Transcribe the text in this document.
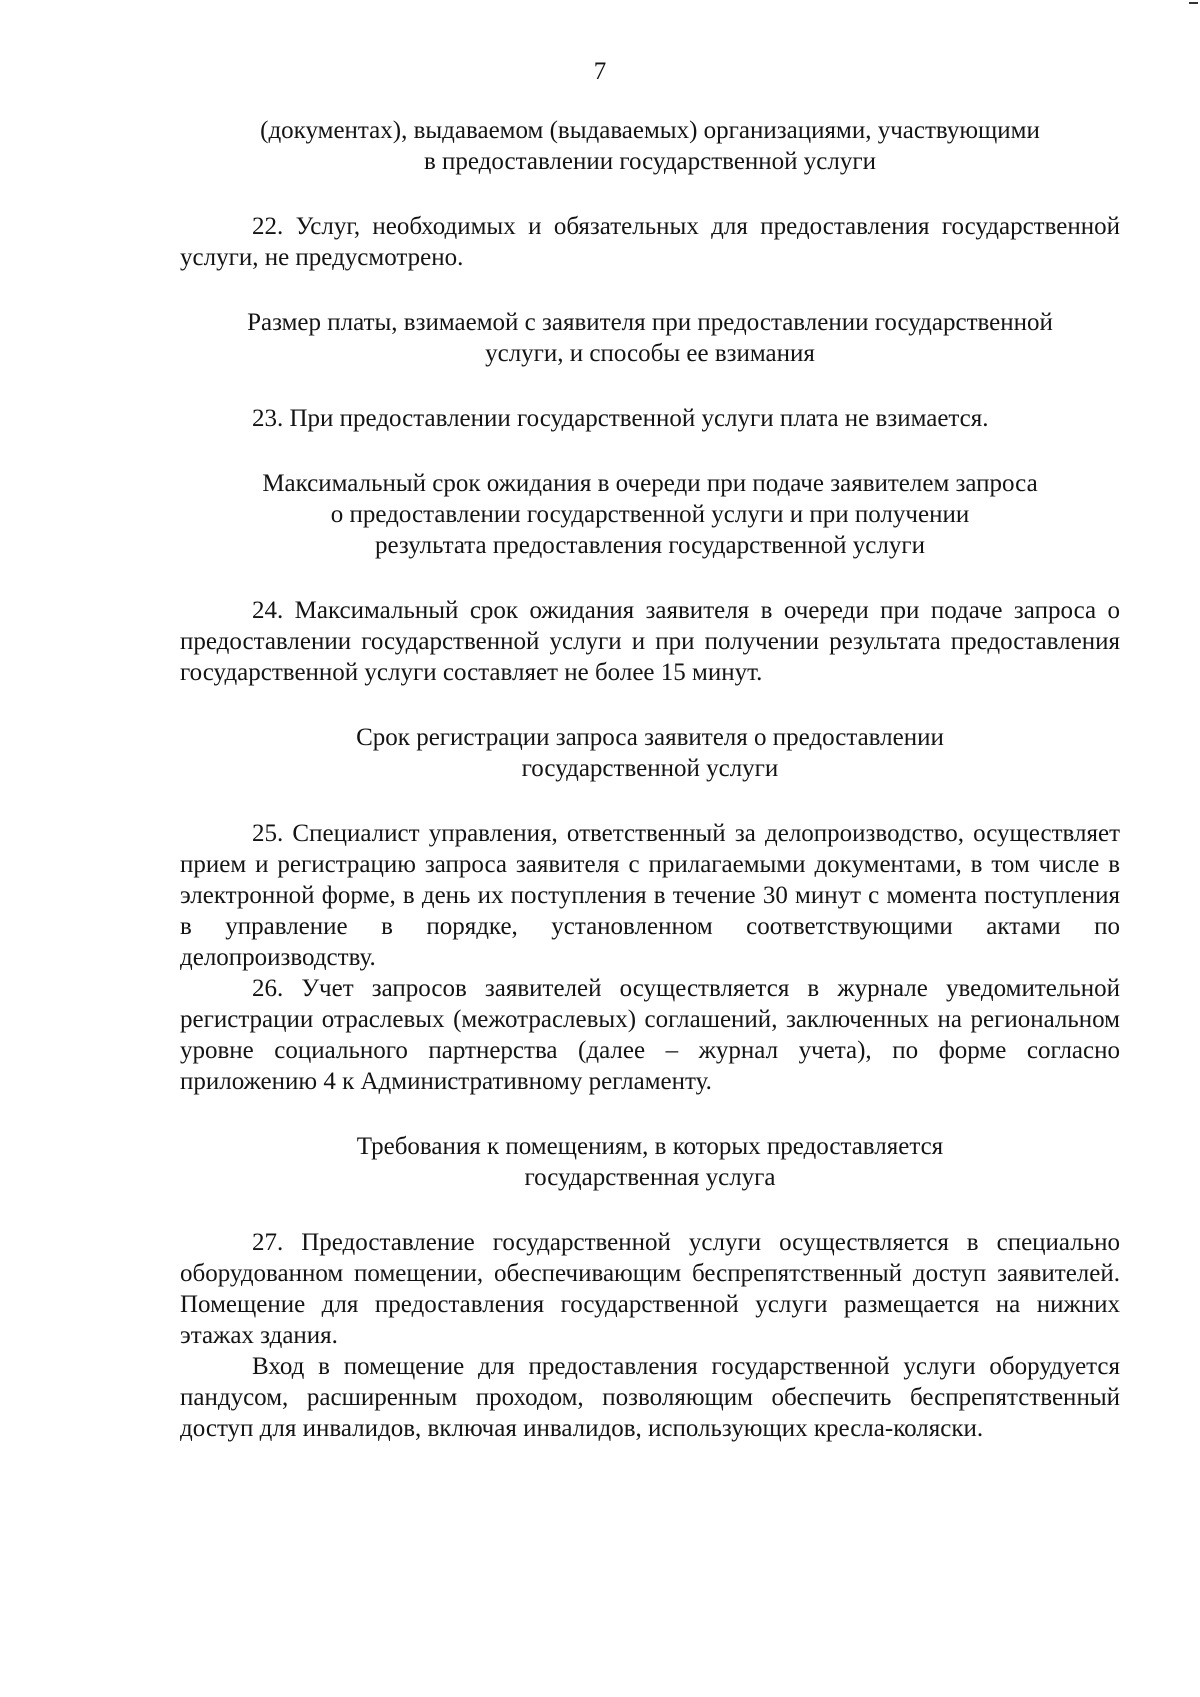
7
(документах), выдаваемом (выдаваемых) организациями, участвующими
в предоставлении государственной услуги

22. Услуг, необходимых и обязательных для предоставления государственной услуги, не предусмотрено.

Размер платы, взимаемой с заявителя при предоставлении государственной
услуги, и способы ее взимания

23. При предоставлении государственной услуги плата не взимается.

Максимальный срок ожидания в очереди при подаче заявителем запроса
о предоставлении государственной услуги и при получении
результата предоставления государственной услуги

24. Максимальный срок ожидания заявителя в очереди при подаче запроса о предоставлении государственной услуги и при получении результата предоставления государственной услуги составляет не более 15 минут.

Срок регистрации запроса заявителя о предоставлении
государственной услуги

25. Специалист управления, ответственный за делопроизводство, осуществляет прием и регистрацию запроса заявителя с прилагаемыми документами, в том числе в электронной форме, в день их поступления в течение 30 минут с момента поступления в управление в порядке, установленном соответствующими актами по делопроизводству.

26. Учет запросов заявителей осуществляется в журнале уведомительной регистрации отраслевых (межотраслевых) соглашений, заключенных на региональном уровне социального партнерства (далее – журнал учета), по форме согласно приложению 4 к Административному регламенту.

Требования к помещениям, в которых предоставляется
государственная услуга

27. Предоставление государственной услуги осуществляется в специально оборудованном помещении, обеспечивающим беспрепятственный доступ заявителей. Помещение для предоставления государственной услуги размещается на нижних этажах здания.

Вход в помещение для предоставления государственной услуги оборудуется пандусом, расширенным проходом, позволяющим обеспечить беспрепятственный доступ для инвалидов, включая инвалидов, использующих кресла-коляски.
